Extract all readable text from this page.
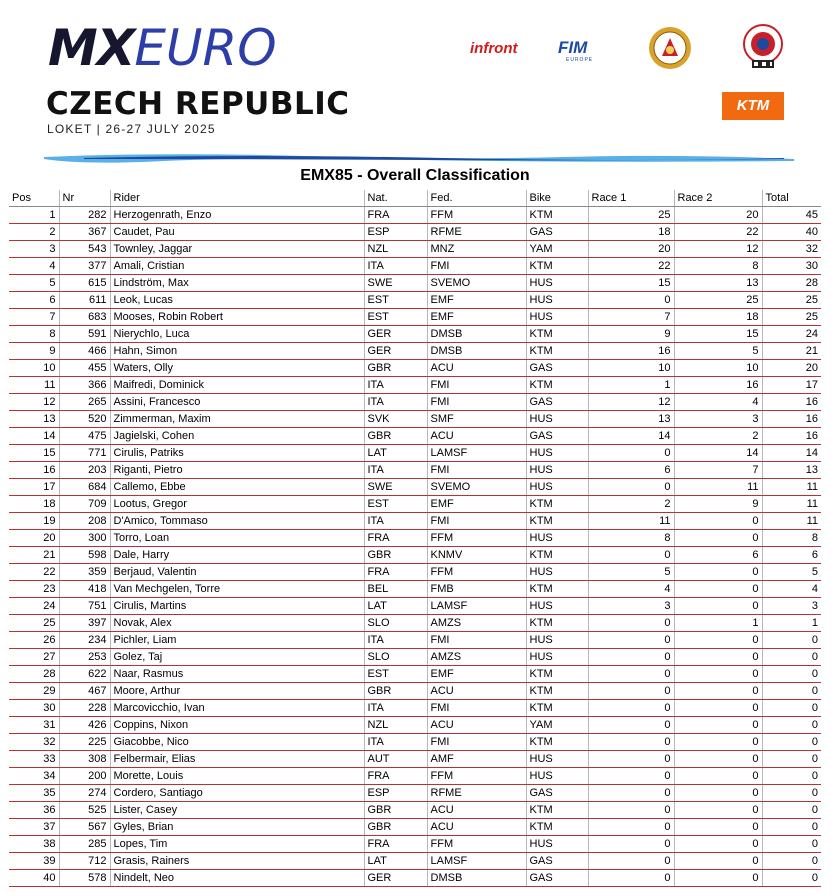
MXEURO
CZECH REPUBLIC
LOKET | 26-27 JULY 2025
infront FIM
EUROPE
KTM
EMX85 - Overall Classification
Pos	Nr	Rider	Nat.	Fed.	Bike	Race 1	Race 2	Total
1	282	Herzogenrath, Enzo	FRA	FFM	KTM	25	20	45
2	367	Caudet, Pau	ESP	RFME	GAS	18	22	40
3	543	Townley, Jaggar	NZL	MNZ	YAM	20	12	32
4	377	Amali, Cristian	ITA	FMI	KTM	22	8	30
5	615	Lindström, Max	SWE	SVEMO	HUS	15	13	28
6	611	Leok, Lucas	EST	EMF	HUS	0	25	25
7	683	Mooses, Robin Robert	EST	EMF	HUS	7	18	25
8	591	Nierychlo, Luca	GER	DMSB	KTM	9	15	24
9	466	Hahn, Simon	GER	DMSB	KTM	16	5	21
10	455	Waters, Olly	GBR	ACU	GAS	10	10	20
11	366	Maifredi, Dominick	ITA	FMI	KTM	1	16	17
12	265	Assini, Francesco	ITA	FMI	GAS	12	4	16
13	520	Zimmerman, Maxim	SVK	SMF	HUS	13	3	16
14	475	Jagielski, Cohen	GBR	ACU	GAS	14	2	16
15	771	Cirulis, Patriks	LAT	LAMSF	HUS	0	14	14
16	203	Riganti, Pietro	ITA	FMI	HUS	6	7	13
17	684	Callemo, Ebbe	SWE	SVEMO	HUS	0	11	11
18	709	Lootus, Gregor	EST	EMF	KTM	2	9	11
19	208	D'Amico, Tommaso	ITA	FMI	KTM	11	0	11
20	300	Torro, Loan	FRA	FFM	HUS	8	0	8
21	598	Dale, Harry	GBR	KNMV	KTM	0	6	6
22	359	Berjaud, Valentin	FRA	FFM	HUS	5	0	5
23	418	Van Mechgelen, Torre	BEL	FMB	KTM	4	0	4
24	751	Cirulis, Martins	LAT	LAMSF	HUS	3	0	3
25	397	Novak, Alex	SLO	AMZS	KTM	0	1	1
26	234	Pichler, Liam	ITA	FMI	HUS	0	0	0
27	253	Golez, Taj	SLO	AMZS	HUS	0	0	0
28	622	Naar, Rasmus	EST	EMF	KTM	0	0	0
29	467	Moore, Arthur	GBR	ACU	KTM	0	0	0
30	228	Marcovicchio, Ivan	ITA	FMI	KTM	0	0	0
31	426	Coppins, Nixon	NZL	ACU	YAM	0	0	0
32	225	Giacobbe, Nico	ITA	FMI	KTM	0	0	0
33	308	Felbermair, Elias	AUT	AMF	HUS	0	0	0
34	200	Morette, Louis	FRA	FFM	HUS	0	0	0
35	274	Cordero, Santiago	ESP	RFME	GAS	0	0	0
36	525	Lister, Casey	GBR	ACU	KTM	0	0	0
37	567	Gyles, Brian	GBR	ACU	KTM	0	0	0
38	285	Lopes, Tim	FRA	FFM	HUS	0	0	0
39	712	Grasis, Rainers	LAT	LAMSF	GAS	0	0	0
40	578	Nindelt, Neo	GER	DMSB	GAS	0	0	0
